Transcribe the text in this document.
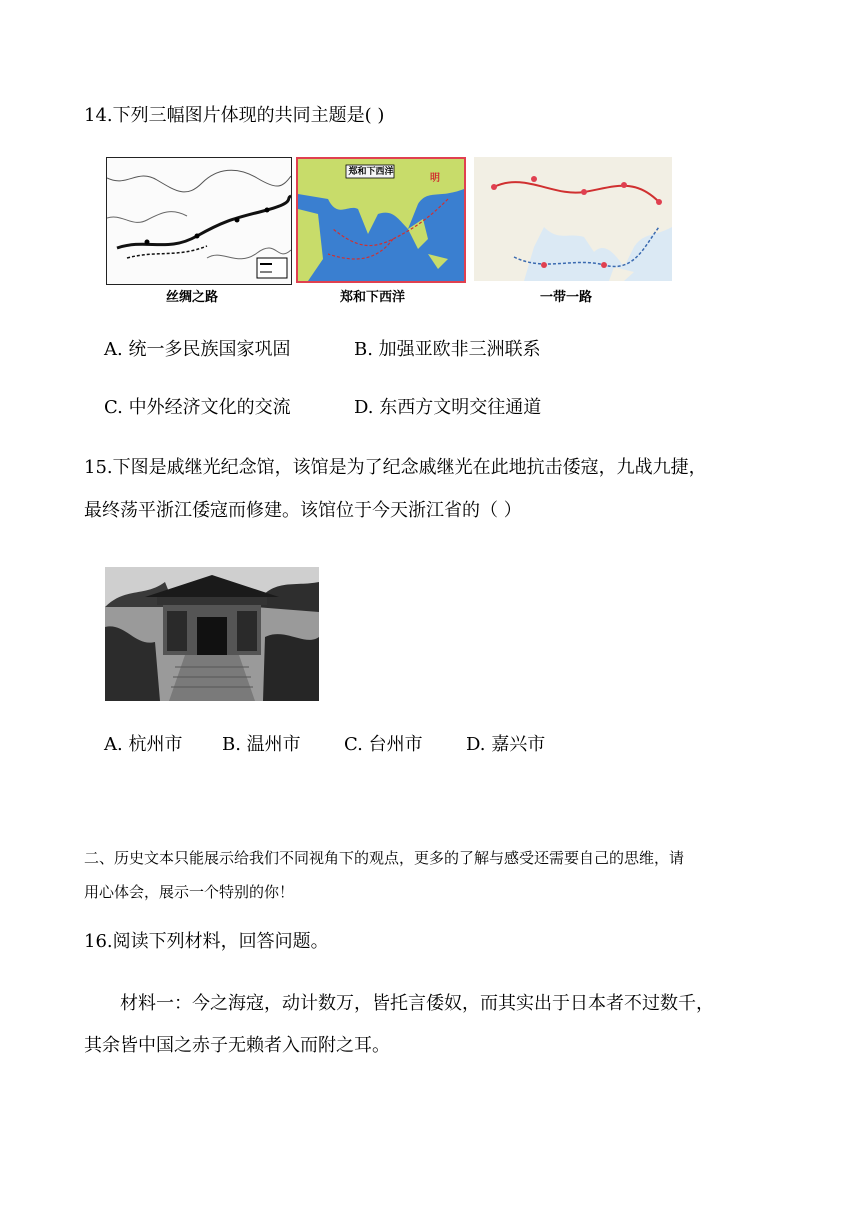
14.下列三幅图片体现的共同主题是( )
丝绸之路
郑和下西洋
明
郑和下西洋	一带一路
A. 统一多民族国家巩固	B. 加强亚欧非三洲联系
C. 中外经济文化的交流	D. 东西方文明交往通道
15.下图是戚继光纪念馆，该馆是为了纪念戚继光在此地抗击倭寇，九战九捷，
最终荡平浙江倭寇而修建。该馆位于今天浙江省的（ ）
A. 杭州市 B. 温州市 C. 台州市 D. 嘉兴市
二、历史文本只能展示给我们不同视角下的观点，更多的了解与感受还需要自己的思维，请
用心体会，展示一个特别的你！
16.阅读下列材料，回答问题。
材料一：今之海寇，动计数万，皆托言倭奴，而其实出于日本者不过数千，
其余皆中国之赤子无赖者入而附之耳。
